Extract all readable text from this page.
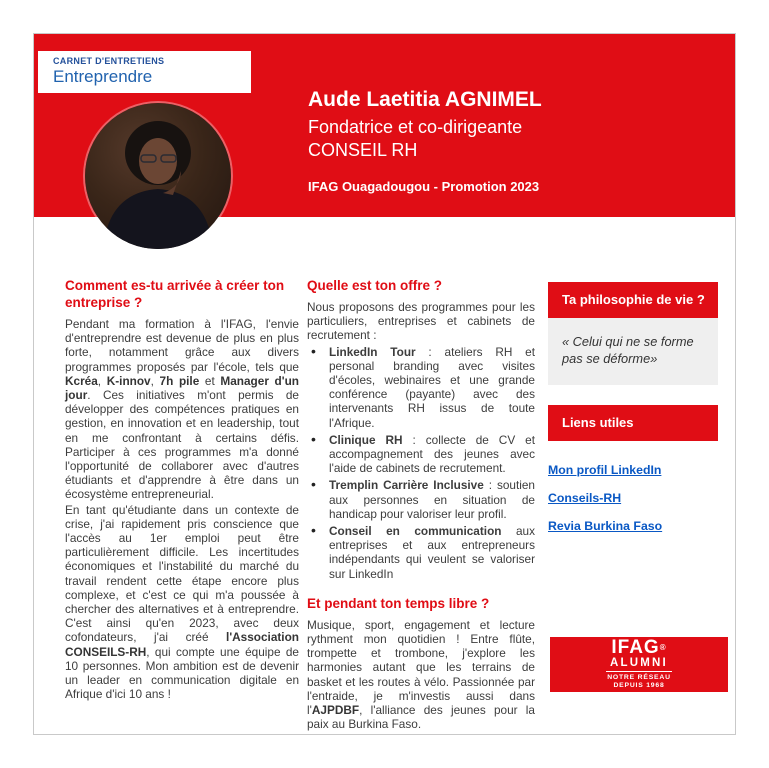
CARNET D'ENTRETIENS
Entreprendre
Aude Laetitia AGNIMEL
Fondatrice et co-dirigeante
CONSEIL RH
IFAG Ouagadougou - Promotion 2023
Comment es-tu arrivée à créer ton entreprise ?

Pendant ma formation à l'IFAG, l'envie d'entreprendre est devenue de plus en plus forte, notamment grâce aux divers programmes proposés par l'école, tels que Kcréa, K-innov, 7h pile et Manager d'un jour. Ces initiatives m'ont permis de développer des compétences pratiques en gestion, en innovation et en leadership, tout en me confrontant à certains défis. Participer à ces programmes m'a donné l'opportunité de collaborer avec d'autres étudiants et d'apprendre à être dans un écosystème entrepreneurial.

En tant qu'étudiante dans un contexte de crise, j'ai rapidement pris conscience que l'accès au 1er emploi peut être particulièrement difficile. Les incertitudes économiques et l'instabilité du marché du travail rendent cette étape encore plus complexe, et c'est ce qui m'a poussée à chercher des alternatives et à entreprendre. C'est ainsi qu'en 2023, avec deux cofondateurs, j'ai créé l'Association CONSEILS-RH, qui compte une équipe de 10 personnes. Mon ambition est de devenir un leader en communication digitale en Afrique d'ici 10 ans !

Quelle est ton offre ?

Nous proposons des programmes pour les particuliers, entreprises et cabinets de recrutement :

• LinkedIn Tour : ateliers RH et personal branding avec visites d'écoles, webinaires et une grande conférence (payante) avec des intervenants RH issus de toute l'Afrique.
• Clinique RH : collecte de CV et accompagnement des jeunes avec l'aide de cabinets de recrutement.
• Tremplin Carrière Inclusive : soutien aux personnes en situation de handicap pour valoriser leur profil.
• Conseil en communication aux entreprises et aux entrepreneurs indépendants qui veulent se valoriser sur LinkedIn
Et pendant ton temps libre ?

Musique, sport, engagement et lecture rythment mon quotidien ! Entre flûte, trompette et trombone, j'explore les harmonies autant que les terrains de basket et les routes à vélo. Passionnée par l'entraide, je m'investis aussi dans l'AJPDBF, l'alliance des jeunes pour la paix au Burkina Faso.

Ta philosophie de vie ?
« Celui qui ne se forme pas se déforme»
Liens utiles
Mon profil LinkedIn
Conseils-RH
Revia Burkina Faso
IFAG®
ALUMNI
NOTRE RÉSEAU
DEPUIS 1968
